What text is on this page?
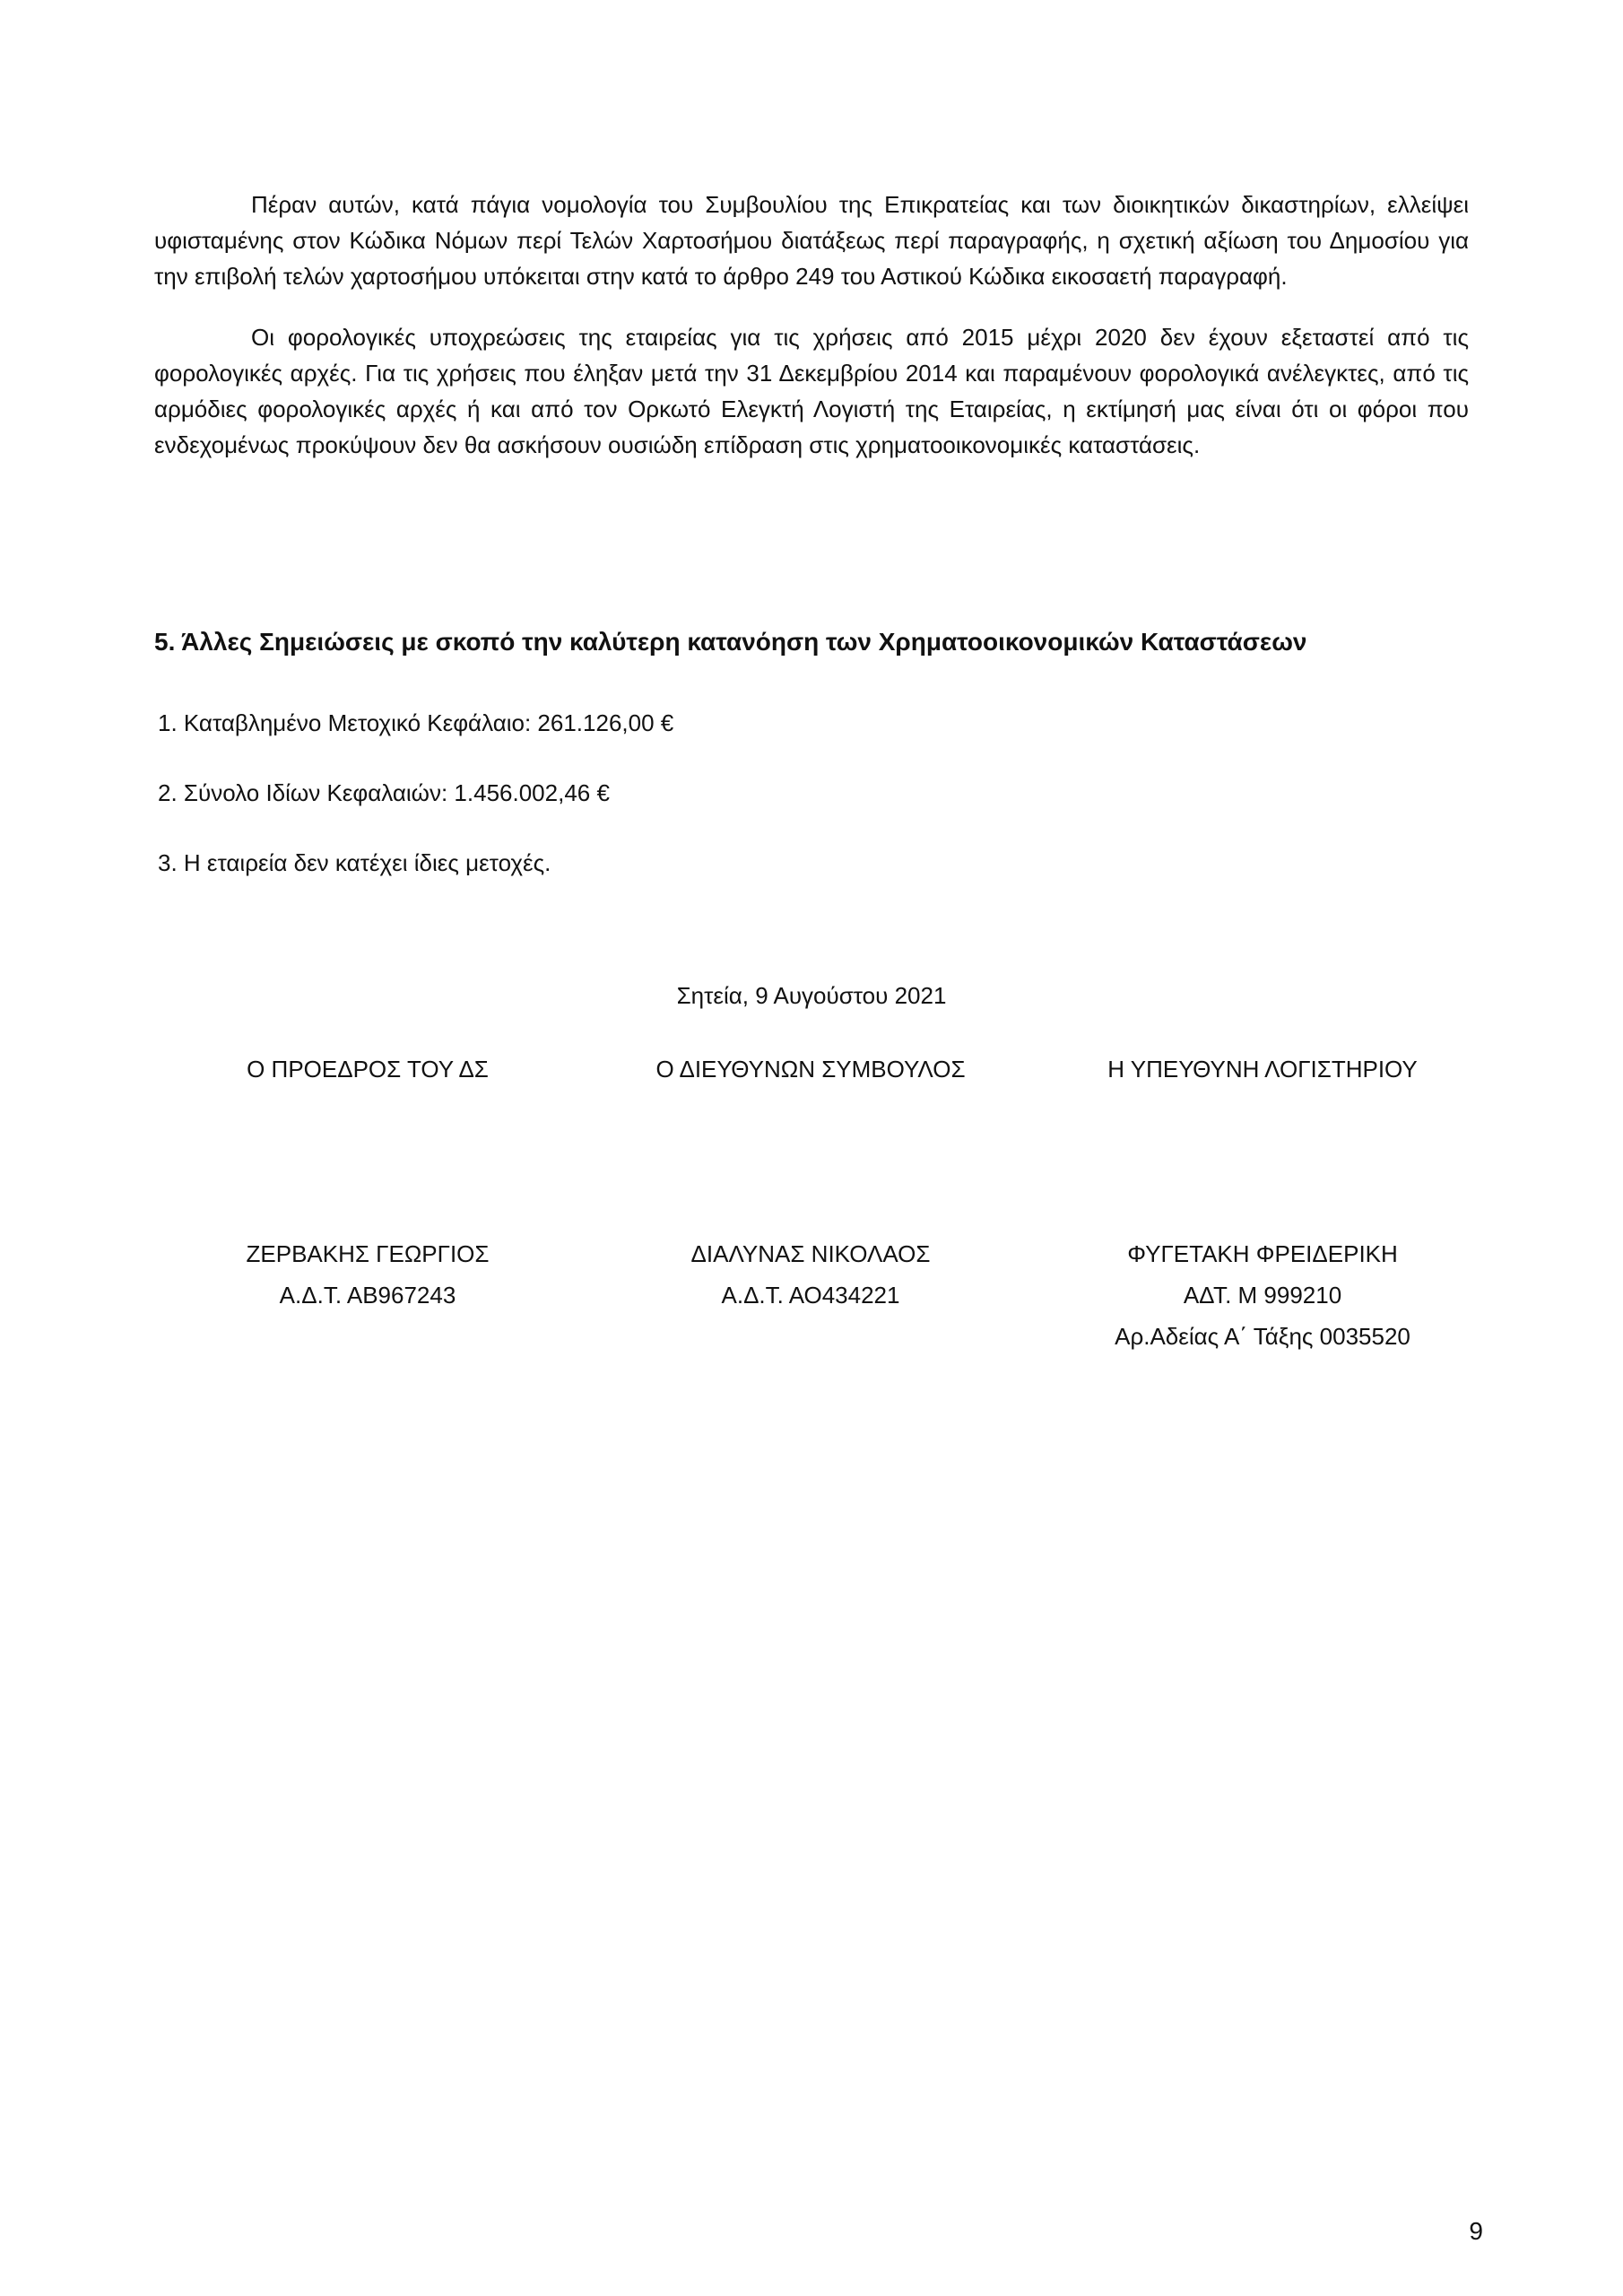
Πέραν αυτών, κατά πάγια νομολογία του Συμβουλίου της Επικρατείας και των διοικητικών δικαστηρίων, ελλείψει υφισταμένης στον Κώδικα Νόμων περί Τελών Χαρτοσήμου διατάξεως περί παραγραφής, η σχετική αξίωση του Δημοσίου για την επιβολή τελών χαρτοσήμου υπόκειται στην κατά το άρθρο 249 του Αστικού Κώδικα εικοσαετή παραγραφή.

Οι φορολογικές υποχρεώσεις της εταιρείας για τις χρήσεις από 2015 μέχρι 2020 δεν έχουν εξεταστεί από τις φορολογικές αρχές. Για τις χρήσεις που έληξαν μετά την 31 Δεκεμβρίου 2014 και παραμένουν φορολογικά ανέλεγκτες, από τις αρμόδιες φορολογικές αρχές ή και από τον Ορκωτό Ελεγκτή Λογιστή της Εταιρείας, η εκτίμησή μας είναι ότι οι φόροι που ενδεχομένως προκύψουν δεν θα ασκήσουν ουσιώδη επίδραση στις χρηματοοικονομικές καταστάσεις.

5. Άλλες Σημειώσεις με σκοπό την καλύτερη κατανόηση των Χρηματοοικονομικών Καταστάσεων
1. Καταβλημένο Μετοχικό Κεφάλαιο: 261.126,00 €
2. Σύνολο Ιδίων Κεφαλαιών: 1.456.002,46 €
3. Η εταιρεία δεν κατέχει ίδιες μετοχές.
Σητεία, 9 Αυγούστου 2021
Ο ΠΡΟΕΔΡΟΣ ΤΟΥ ΔΣ	Ο ΔΙΕΥΘΥΝΩΝ ΣΥΜΒΟΥΛΟΣ	Η ΥΠΕΥΘΥΝΗ ΛΟΓΙΣΤΗΡΙΟΥ
ΖΕΡΒΑΚΗΣ ΓΕΩΡΓΙΟΣ
Α.Δ.Τ. ΑΒ967243
ΔΙΑΛΥΝΑΣ ΝΙΚΟΛΑΟΣ
Α.Δ.Τ. ΑΟ434221
ΦΥΓΕΤΑΚΗ ΦΡΕΙΔΕΡΙΚΗ
ΑΔΤ. Μ 999210
Αρ.Αδείας Α΄ Τάξης 0035520
9
